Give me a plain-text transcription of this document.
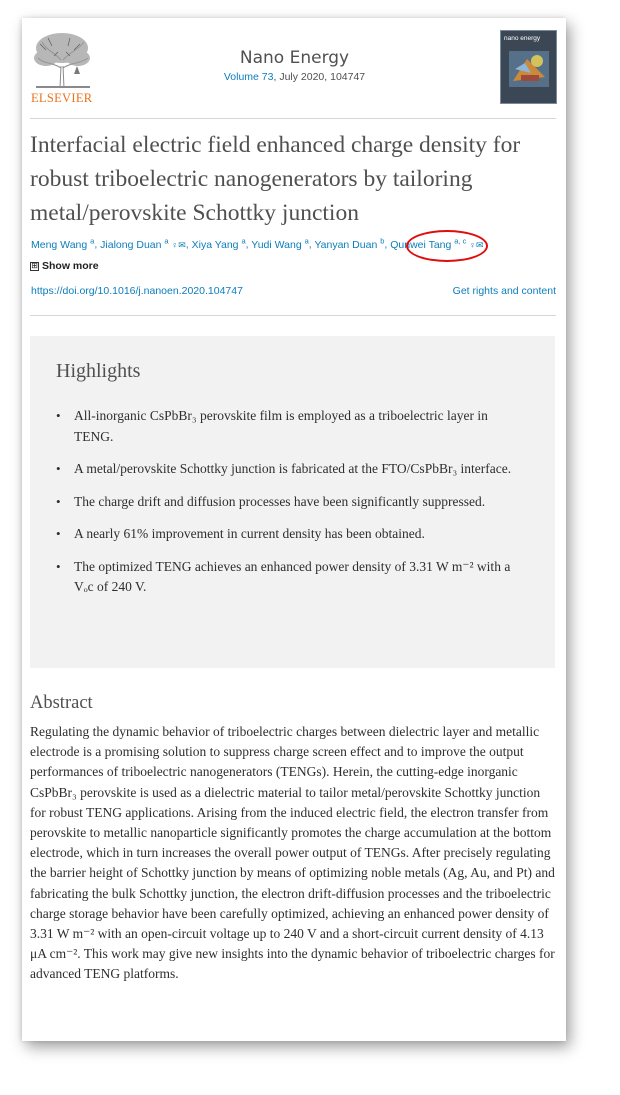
ELSEVIER
Nano Energy
Volume 73, July 2020, 104747
nano energy
Interfacial electric field enhanced charge density for robust triboelectric nanogenerators by tailoring metal/perovskite Schottky junction
Meng Wang $^a$, Jialong Duan $^a$ ♀✉, Xiya Yang $^a$, Yudi Wang $^a$, Yanyan Duan $^b$, Qunwei Tang $^{a, c}$ ♀✉
⊞ Show more
https://doi.org/10.1016/j.nanoen.2020.104747	Get rights and content
Highlights
• All-inorganic CsPbBr₃ perovskite film is employed as a triboelectric layer in TENG.
• A metal/perovskite Schottky junction is fabricated at the FTO/CsPbBr₃ interface.
• The charge drift and diffusion processes have been significantly suppressed.
• A nearly 61% improvement in current density has been obtained.
• The optimized TENG achieves an enhanced power density of 3.31 W m⁻² with a Vₒc of 240 V.
Abstract

Regulating the dynamic behavior of triboelectric charges between dielectric layer and metallic electrode is a promising solution to suppress charge screen effect and to improve the output performances of triboelectric nanogenerators (TENGs). Herein, the cutting-edge inorganic CsPbBr₃ perovskite is used as a dielectric material to tailor metal/perovskite Schottky junction for robust TENG applications. Arising from the induced electric field, the electron transfer from perovskite to metallic nanoparticle significantly promotes the charge accumulation at the bottom electrode, which in turn increases the overall power output of TENGs. After precisely regulating the barrier height of Schottky junction by means of optimizing noble metals (Ag, Au, and Pt) and fabricating the bulk Schottky junction, the electron drift-diffusion processes and the triboelectric charge storage behavior have been carefully optimized, achieving an enhanced power density of 3.31 W m⁻² with an open-circuit voltage up to 240 V and a short-circuit current density of 4.13 μA cm⁻². This work may give new insights into the dynamic behavior of triboelectric charges for advanced TENG platforms.
